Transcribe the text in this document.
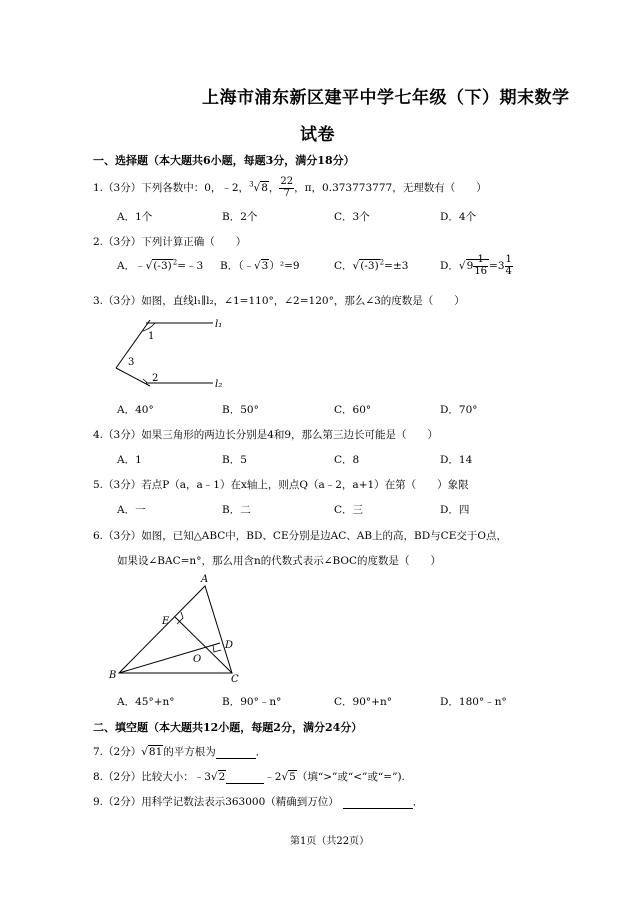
上海市浦东新区建平中学七年级（下）期末数学
试卷
一、选择题（本大题共6小题，每题3分，满分18分）
1.（3分）下列各数中：0，﹣2，$^3$√8， $\frac{22}{7}$ ，π，0.373773777，无理数有（　　）
A．1个	B．2个	C．3个	D．4个
2.（3分）下列计算正确（　　）
A．$﹣√(-3)^2=﹣3$ B．（﹣√3）²=9	C．$√(-3)^2=\pm 3$	D．$√9 \frac{1}{16} =3 \frac{1}{4}$
3.（3分）如图，直线l₁∥l₂，∠1=110°，∠2=120°，那么∠3的度数是（　　）
l₁
l₂
1
2
3
A．40°	B．50°	C．60°	D．70°
4.（3分）如果三角形的两边长分别是4和9，那么第三边长可能是（　　）
A．1	B．5	C．8	D．14
5.（3分）若点P（a，a﹣1）在x轴上，则点Q（a﹣2，a+1）在第（　　）象限
A．一	B．二	C．三	D．四
6.（3分）如图，已知△ABC中，BD、CE分别是边AC、AB上的高，BD与CE交于O点，
如果设∠BAC=n°，那么用含n的代数式表示∠BOC的度数是（　　）
A
B	C
D
E
O
A．45°+n°	B．90°﹣n°	C．90°+n°	D．180°﹣n°
二、填空题（本大题共12小题，每题2分，满分24分）
7.（2分）√81的平方根为	．
8.（2分）比较大小：﹣3√2	﹣2√5（填“>”或“<”或“=”).
9.（2分）用科学记数法表示363000（精确到万位）	．
第1页（共22页）
